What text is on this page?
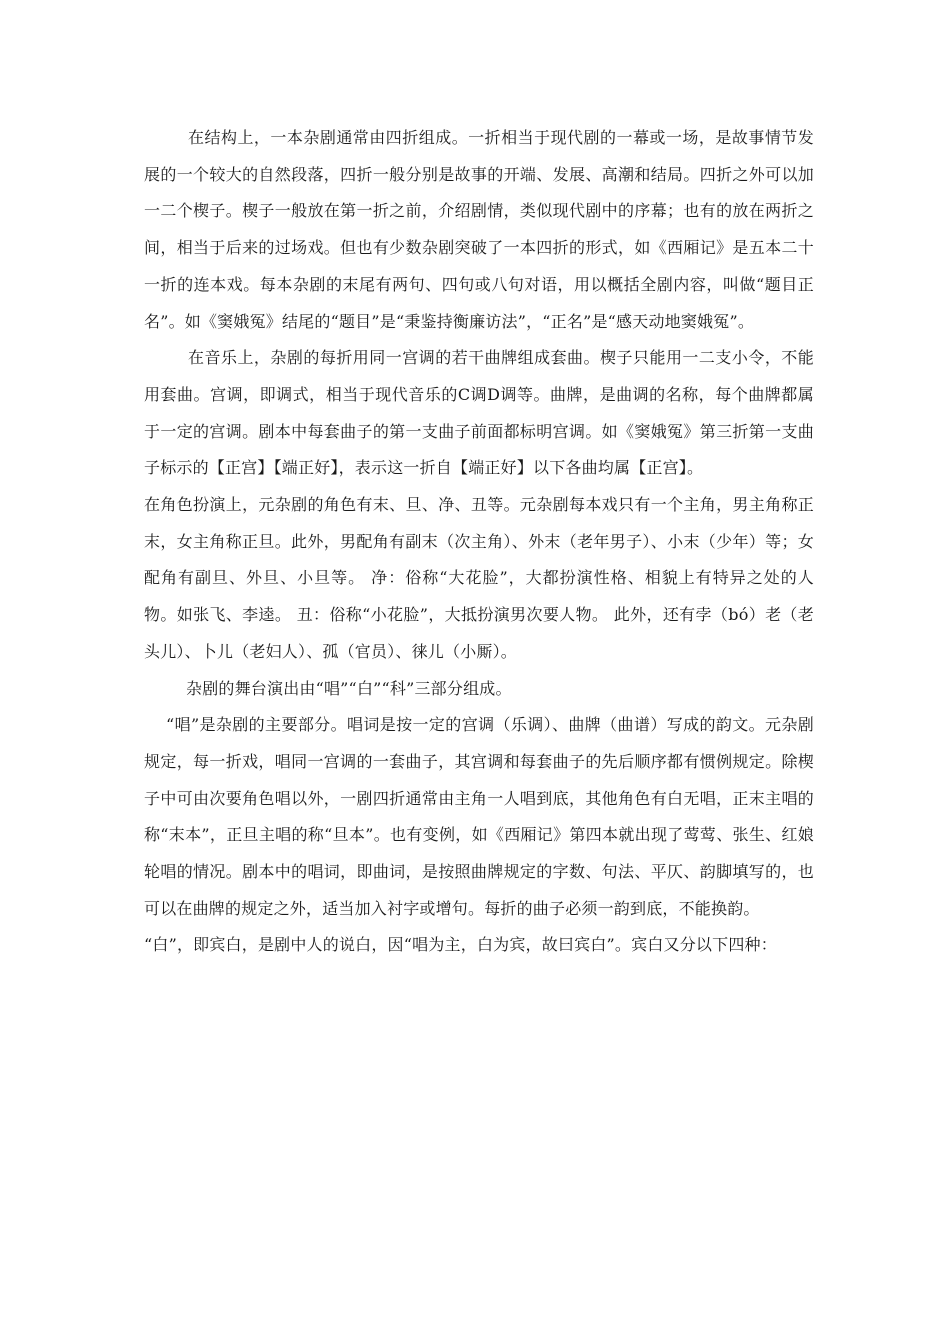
在结构上，一本杂剧通常由四折组成。一折相当于现代剧的一幕或一场，是故事情节发展的一个较大的自然段落，四折一般分别是故事的开端、发展、高潮和结局。四折之外可以加一二个楔子。楔子一般放在第一折之前，介绍剧情，类似现代剧中的序幕；也有的放在两折之间，相当于后来的过场戏。但也有少数杂剧突破了一本四折的形式，如《西厢记》是五本二十一折的连本戏。每本杂剧的末尾有两句、四句或八句对语，用以概括全剧内容，叫做“题目正名”。如《窦娥冤》结尾的“题目”是“秉鉴持衡廉访法”，“正名”是“感天动地窦娥冤”。

在音乐上，杂剧的每折用同一宫调的若干曲牌组成套曲。楔子只能用一二支小令，不能用套曲。宫调，即调式，相当于现代音乐的C调D调等。曲牌，是曲调的名称，每个曲牌都属于一定的宫调。剧本中每套曲子的第一支曲子前面都标明宫调。如《窦娥冤》第三折第一支曲子标示的【正宫】【端正好】，表示这一折自【端正好】以下各曲均属【正宫】。

在角色扮演上，元杂剧的角色有末、旦、净、丑等。元杂剧每本戏只有一个主角，男主角称正末，女主角称正旦。此外，男配角有副末（次主角）、外末（老年男子）、小末（少年）等；女配角有副旦、外旦、小旦等。 净：俗称“大花脸”，大都扮演性格、相貌上有特异之处的人物。如张飞、李逵。 丑：俗称“小花脸”，大抵扮演男次要人物。 此外，还有孛（bó）老（老头儿）、卜儿（老妇人）、孤（官员）、徕儿（小厮）。

杂剧的舞台演出由“唱”“白”“科”三部分组成。

“唱”是杂剧的主要部分。唱词是按一定的宫调（乐调）、曲牌（曲谱）写成的韵文。元杂剧规定，每一折戏，唱同一宫调的一套曲子，其宫调和每套曲子的先后顺序都有惯例规定。除楔子中可由次要角色唱以外，一剧四折通常由主角一人唱到底，其他角色有白无唱，正末主唱的称“末本”，正旦主唱的称“旦本”。也有变例，如《西厢记》第四本就出现了莺莺、张生、红娘轮唱的情况。剧本中的唱词，即曲词，是按照曲牌规定的字数、句法、平仄、韵脚填写的，也可以在曲牌的规定之外，适当加入衬字或增句。每折的曲子必须一韵到底，不能换韵。

“白”，即宾白，是剧中人的说白，因“唱为主，白为宾，故曰宾白”。宾白又分以下四种：
